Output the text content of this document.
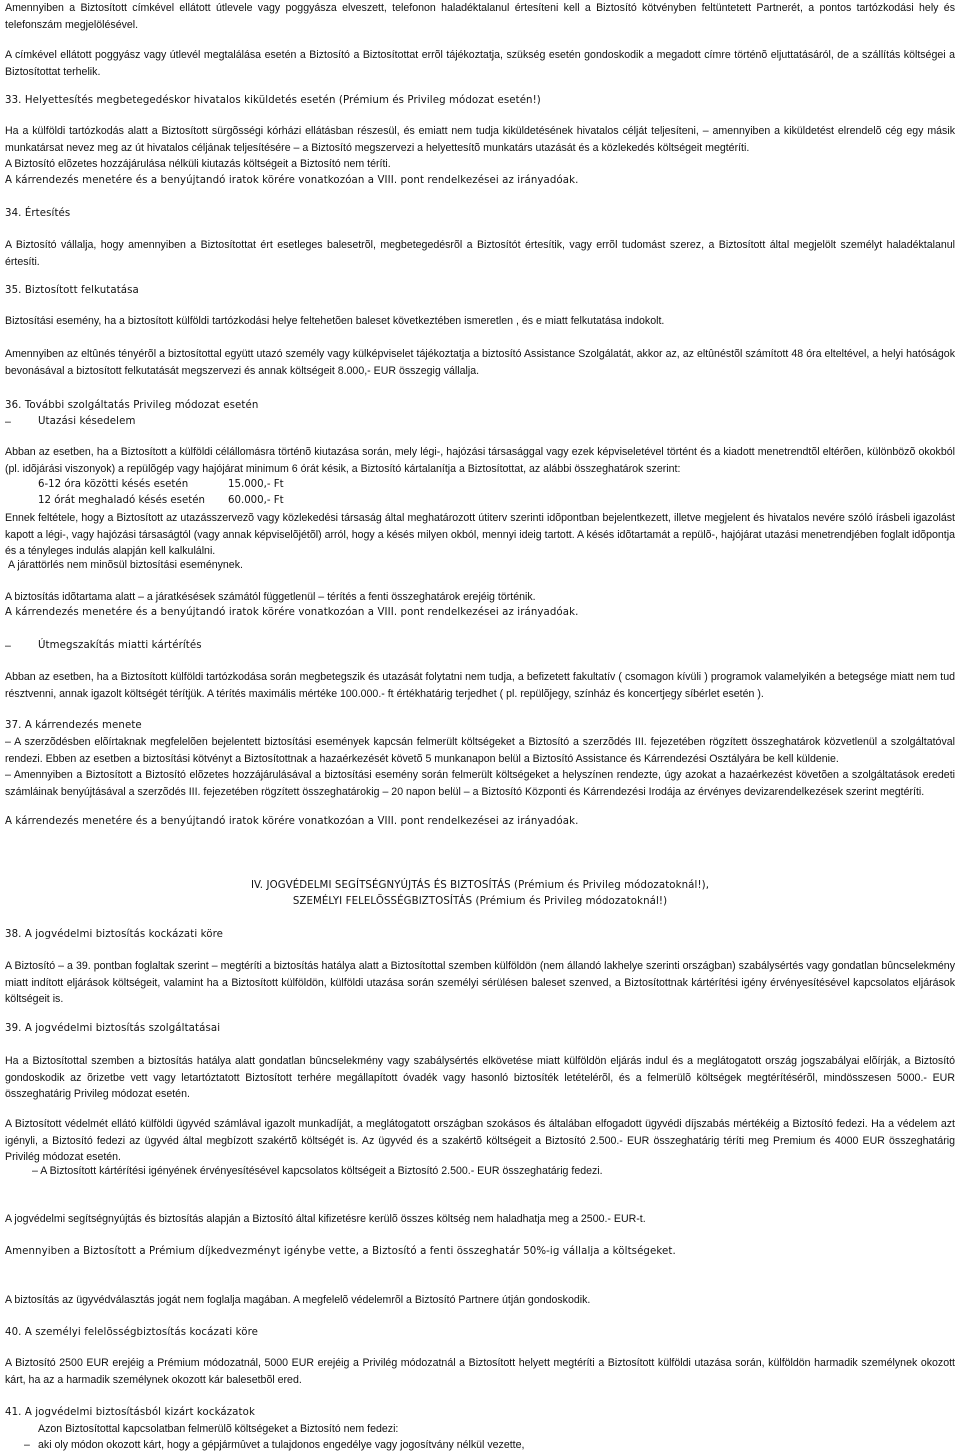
Amennyiben a Biztosított címkével ellátott útlevele vagy poggyásza elveszett, telefonon haladéktalanul értesíteni kell a Biztosító kötvényben feltüntetett Partnerét, a pontos tartózkodási hely és telefonszám megjelölésével.
A címkével ellátott poggyász vagy útlevél megtalálása esetén a Biztosító a Biztosítottat errõl tájékoztatja, szükség esetén gondoskodik a megadott címre történõ eljuttatásáról, de a szállítás költségei a Biztosítottat terhelik.
33. Helyettesítés megbetegedéskor hivatalos kiküldetés esetén (Prémium és Privileg módozat esetén!)
Ha a külföldi tartózkodás alatt a Biztosított sürgõsségi kórházi ellátásban részesül, és emiatt nem tudja kiküldetésének hivatalos célját teljesíteni, – amennyiben a kiküldetést elrendelõ cég egy másik munkatársat nevez meg az út hivatalos céljának teljesítésére – a Biztosító megszervezi a helyettesítõ munkatárs utazását és a közlekedés költségeit megtéríti.
A Biztosító elõzetes hozzájárulása nélküli kiutazás költségeit a Biztosító nem téríti.
A kárrendezés menetére és a benyújtandó iratok körére vonatkozóan a VIII. pont rendelkezései az irányadóak.
34. Értesítés
A Biztosító vállalja, hogy amennyiben a Biztosítottat ért esetleges balesetrõl, megbetegedésrõl a Biztosítót értesítik, vagy errõl tudomást szerez, a Biztosított által megjelölt személyt haladéktalanul értesíti.
35. Biztosított felkutatása
Biztosítási esemény, ha a biztosított külföldi tartózkodási helye feltehetõen baleset következtében ismeretlen , és e miatt felkutatása indokolt.
Amennyiben az eltûnés tényérõl a biztosítottal együtt utazó személy vagy külképviselet tájékoztatja a biztosító Assistance Szolgálatát, akkor az, az eltûnéstõl számított 48 óra elteltével, a helyi hatóságok bevonásával a biztosított felkutatását megszervezi és annak költségeit 8.000,- EUR összegig vállalja.
36. További szolgáltatás Privileg módozat esetén
–	Utazási késedelem
Abban az esetben, ha a Biztosított a külföldi célállomásra történõ kiutazása során, mely légi-, hajózási társasággal vagy ezek képviseletével történt és a kiadott menetrendtõl eltérõen, különbözõ okokból (pl. idõjárási viszonyok) a repülõgép vagy hajójárat minimum 6 órát késik, a Biztosító kártalanítja a Biztosítottat, az alábbi összeghatárok szerint:
6-12 óra közötti késés esetén	15.000,- Ft
12 órát meghaladó késés esetén 60.000,- Ft
Ennek feltétele, hogy a Biztosított az utazásszervezõ vagy közlekedési társaság által meghatározott útiterv szerinti idõpontban bejelentkezett, illetve megjelent és hivatalos nevére szóló írásbeli igazolást kapott a légi-, vagy hajózási társaságtól (vagy annak képviselõjétõl) arról, hogy a késés milyen okból, mennyi ideig tartott. A késés idõtartamát a repülõ-, hajójárat utazási menetrendjében foglalt idõpontja és a tényleges indulás alapján kell kalkulálni.
A járattörlés nem minõsül biztosítási eseménynek.
A biztosítás idõtartama alatt – a járatkésések számától függetlenül – térítés a fenti összeghatárok erejéig történik.
A kárrendezés menetére és a benyújtandó iratok körére vonatkozóan a VIII. pont rendelkezései az irányadóak.
–	Útmegszakítás miatti kártérítés
Abban az esetben, ha a Biztosított külföldi tartózkodása során megbetegszik és utazását folytatni nem tudja, a befizetett fakultatív ( csomagon kívüli ) programok valamelyikén a betegsége miatt nem tud résztvenni, annak igazolt költségét térítjük. A térítés maximális mértéke 100.000.- ft értékhatárig terjedhet ( pl. repülõjegy, színház és koncertjegy síbérlet esetén ).
37. A kárrendezés menete
– A szerzõdésben elõírtaknak megfelelõen bejelentett biztosítási események kapcsán felmerült költségeket a Biztosító a szerzõdés III. fejezetében rögzített összeghatárok közvetlenül a szolgáltatóval rendezi. Ebben az esetben a biztosítási kötvényt a Biztosítottnak a hazaérkezését követõ 5 munkanapon belül a Biztosító Assistance és Kárrendezési Osztályára be kell küldenie.
– Amennyiben a Biztosított a Biztosító elõzetes hozzájárulásával a biztosítási esemény során felmerült költségeket a helyszínen rendezte, úgy azokat a hazaérkezést követõen a szolgáltatások eredeti számláinak benyújtásával a szerzõdés III. fejezetében rögzített összeghatárokig – 20 napon belül – a Biztosító Központi és Kárrendezési Irodája az érvényes devizarendelkezések szerint megtéríti.
A kárrendezés menetére és a benyújtandó iratok körére vonatkozóan a VIII. pont rendelkezései az irányadóak.
IV. JOGVÉDELMI SEGÍTSÉGNYÚJTÁS ÉS BIZTOSÍTÁS (Prémium és Privileg módozatoknál!),
SZEMÉLYI FELELÕSSÉGBIZTOSÍTÁS (Prémium és Privileg módozatoknál!)
38. A jogvédelmi biztosítás kockázati köre
A Biztosító – a 39. pontban foglaltak szerint – megtéríti a biztosítás hatálya alatt a Biztosítottal szemben külföldön (nem állandó lakhelye szerinti országban) szabálysértés vagy gondatlan bûncselekmény miatt indított eljárások költségeit, valamint ha a Biztosított külföldön, külföldi utazása során személyi sérülésen baleset szenved, a Biztosítottnak kártérítési igény érvényesítésével kapcsolatos eljárások költségeit is.
39. A jogvédelmi biztosítás szolgáltatásai
Ha a Biztosítottal szemben a biztosítás hatálya alatt gondatlan bûncselekmény vagy szabálysértés elkövetése miatt külföldön eljárás indul és a meglátogatott ország jogszabályai elõírják, a Biztosító gondoskodik az õrizetbe vett vagy letartóztatott Biztosított terhére megállapított óvadék vagy hasonló biztosíték letételérõl, és a felmerülõ költségek megtérítésérõl, mindösszesen 5000.- EUR összeghatárig Privileg módozat esetén.
A Biztosított védelmét ellátó külföldi ügyvéd számlával igazolt munkadíját, a meglátogatott országban szokásos és általában elfogadott ügyvédi díjszabás mértékéig a Biztosító fedezi. Ha a védelem azt igényli, a Biztosító fedezi az ügyvéd által megbízott szakértõ költségét is. Az ügyvéd és a szakértõ költségeit a Biztosító 2.500.- EUR összeghatárig téríti meg Premium és 4000 EUR összeghatárig Privilég módozat esetén.
– A Biztosított kártérítési igényének érvényesítésével kapcsolatos költségeit a Biztosító 2.500.- EUR összeghatárig fedezi.
A jogvédelmi segítségnyújtás és biztosítás alapján a Biztosító által kifizetésre kerülõ összes költség nem haladhatja meg a 2500.- EUR-t.
Amennyiben a Biztosított a Prémium díjkedvezményt igénybe vette, a Biztosító a fenti összeghatár 50%-ig vállalja a költségeket.
A biztosítás az ügyvédválasztás jogát nem foglalja magában. A megfelelõ védelemrõl a Biztosító Partnere útján gondoskodik.
40. A személyi felelõsségbiztosítás kocázati köre
A Biztosító 2500 EUR erejéig a Prémium módozatnál, 5000 EUR erejéig a Privilég módozatnál a Biztosított helyett megtéríti a Biztosított külföldi utazása során, külföldön harmadik személynek okozott kárt, ha az a harmadik személynek okozott kár balesetbõl ered.
41. A jogvédelmi biztosításból kizárt kockázatok
Azon Biztosítottal kapcsolatban felmerülõ költségeket a Biztosító nem fedezi:
– aki oly módon okozott kárt, hogy a gépjármûvet a tulajdonos engedélye vagy jogosítvány nélkül vezette,
